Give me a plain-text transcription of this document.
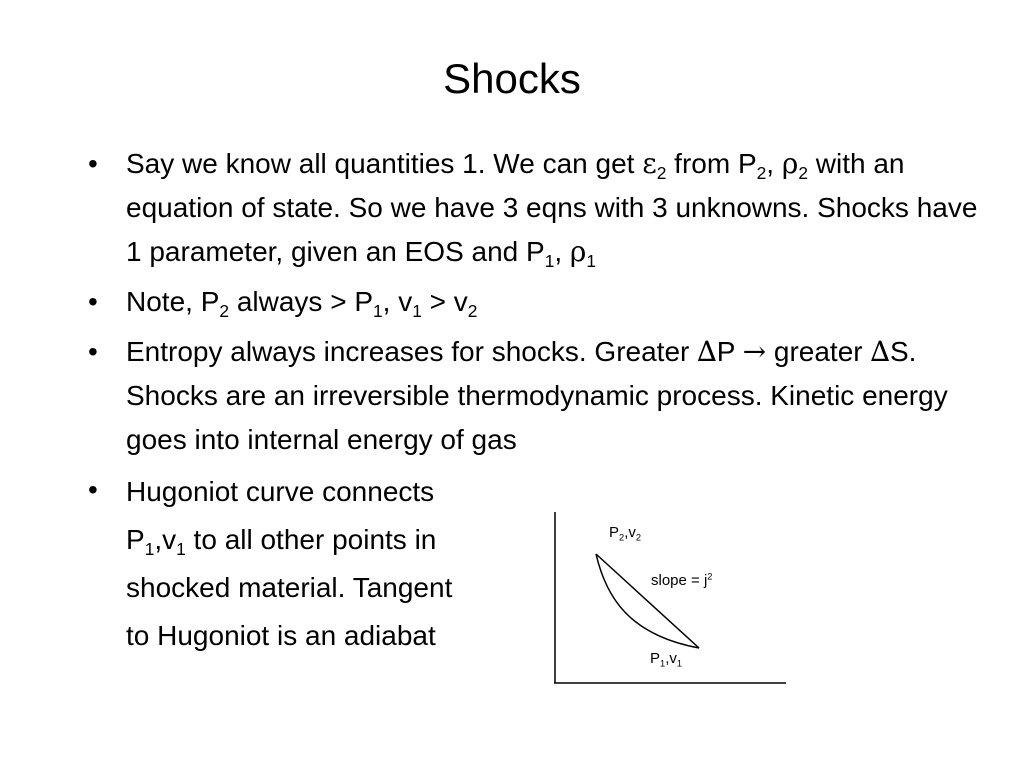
Shocks
• Say we know all quantities 1. We can get $\varepsilon_2$ from $P_2$, $\rho_2$ with an equation of state. So we have 3 eqns with 3 unknowns. Shocks have 1 parameter, given an EOS and $P_1$, $\rho_1$

• Note, $P_2$ always > $P_1$, $v_1 > v_2$

• Entropy always increases for shocks. Greater ∆P → greater ∆S. Shocks are an irreversible thermodynamic process. Kinetic energy goes into internal energy of gas

• Hugoniot curve connects
$P_1,v_1$ to all other points in
shocked material. Tangent
to Hugoniot is an adiabat
$P_2,v_2$
slope = $j^2$
$P_1,v_1$
